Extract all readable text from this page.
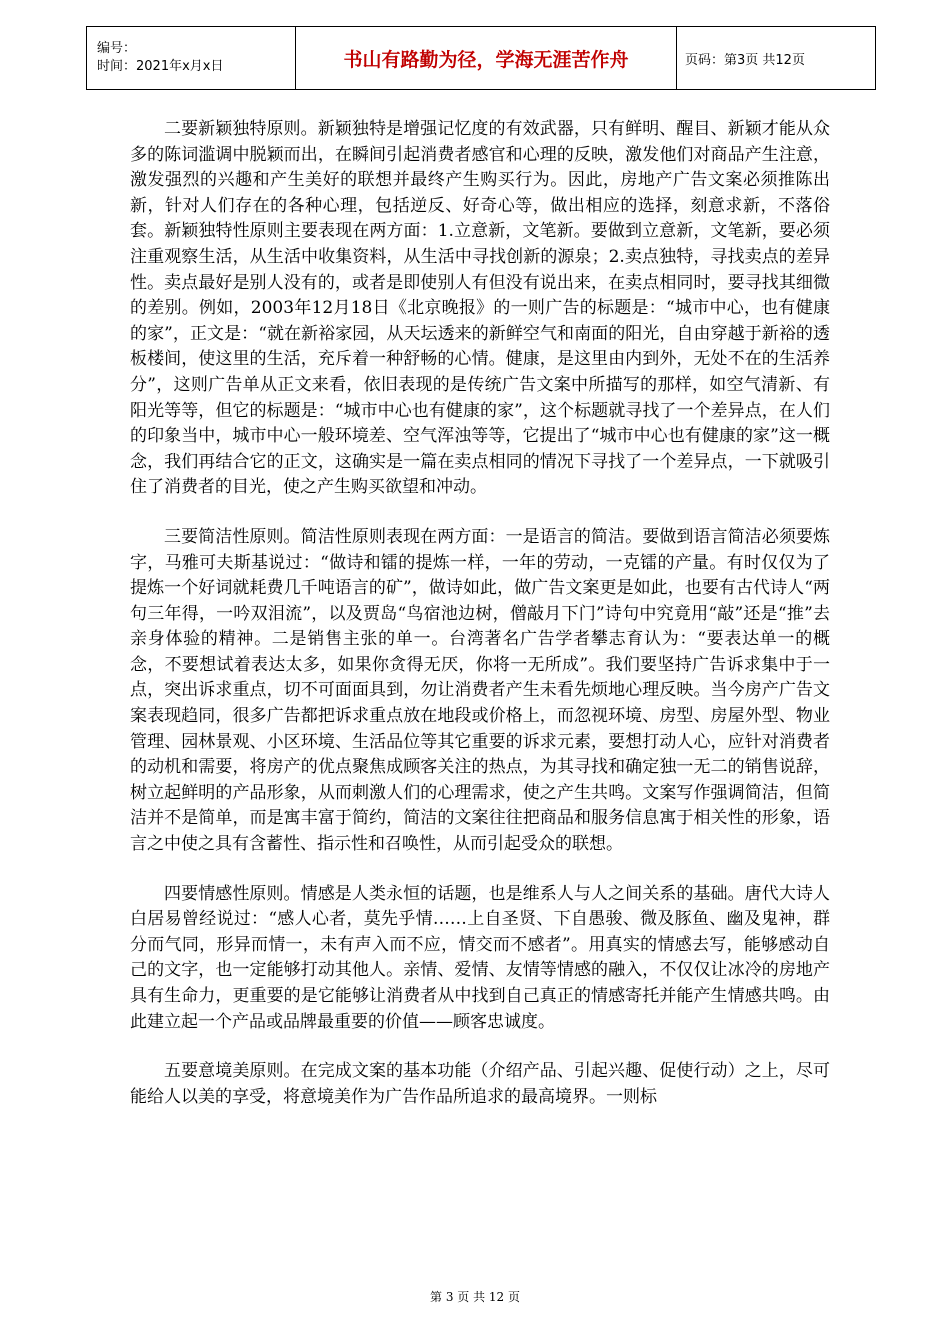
编号：
时间：2021年x月x日	书山有路勤为径，学海无涯苦作舟	页码：第3页 共12页

二要新颖独特原则。新颖独特是增强记忆度的有效武器，只有鲜明、醒目、新颖才能从众多的陈词滥调中脱颖而出，在瞬间引起消费者感官和心理的反映，激发他们对商品产生注意，激发强烈的兴趣和产生美好的联想并最终产生购买行为。因此，房地产广告文案必须推陈出新，针对人们存在的各种心理，包括逆反、好奇心等，做出相应的选择，刻意求新，不落俗套。新颖独特性原则主要表现在两方面：1.立意新，文笔新。要做到立意新，文笔新，要必须注重观察生活，从生活中收集资料，从生活中寻找创新的源泉；2.卖点独特，寻找卖点的差异性。卖点最好是别人没有的，或者是即使别人有但没有说出来，在卖点相同时，要寻找其细微的差别。例如，2003年12月18日《北京晚报》的一则广告的标题是：“城市中心，也有健康的家”，正文是：“就在新裕家园，从天坛透来的新鲜空气和南面的阳光，自由穿越于新裕的透板楼间，使这里的生活，充斥着一种舒畅的心情。健康，是这里由内到外，无处不在的生活养分”，这则广告单从正文来看，依旧表现的是传统广告文案中所描写的那样，如空气清新、有阳光等等，但它的标题是：“城市中心也有健康的家”，这个标题就寻找了一个差异点，在人们的印象当中，城市中心一般环境差、空气浑浊等等，它提出了“城市中心也有健康的家”这一概念，我们再结合它的正文，这确实是一篇在卖点相同的情况下寻找了一个差异点，一下就吸引住了消费者的目光，使之产生购买欲望和冲动。

三要简洁性原则。简洁性原则表现在两方面：一是语言的简洁。要做到语言简洁必须要炼字，马雅可夫斯基说过：“做诗和镭的提炼一样，一年的劳动，一克镭的产量。有时仅仅为了提炼一个好词就耗费几千吨语言的矿”，做诗如此，做广告文案更是如此，也要有古代诗人“两句三年得，一吟双泪流”，以及贾岛“鸟宿池边树，僧敲月下门”诗句中究竟用“敲”还是“推”去亲身体验的精神。二是销售主张的单一。台湾著名广告学者攀志育认为：“要表达单一的概念，不要想试着表达太多，如果你贪得无厌，你将一无所成”。我们要坚持广告诉求集中于一点，突出诉求重点，切不可面面具到，勿让消费者产生未看先烦地心理反映。当今房产广告文案表现趋同，很多广告都把诉求重点放在地段或价格上，而忽视环境、房型、房屋外型、物业管理、园林景观、小区环境、生活品位等其它重要的诉求元素，要想打动人心，应针对消费者的动机和需要，将房产的优点聚焦成顾客关注的热点，为其寻找和确定独一无二的销售说辞，树立起鲜明的产品形象，从而刺激人们的心理需求，使之产生共鸣。文案写作强调简洁，但简洁并不是简单，而是寓丰富于简约，简洁的文案往往把商品和服务信息寓于相关性的形象，语言之中使之具有含蓄性、指示性和召唤性，从而引起受众的联想。

四要情感性原则。情感是人类永恒的话题，也是维系人与人之间关系的基础。唐代大诗人白居易曾经说过：“感人心者，莫先乎情……上自圣贤、下自愚骏、微及豚鱼、幽及鬼神，群分而气同，形异而情一，未有声入而不应，情交而不感者”。用真实的情感去写，能够感动自己的文字，也一定能够打动其他人。亲情、爱情、友情等情感的融入，不仅仅让冰冷的房地产具有生命力，更重要的是它能够让消费者从中找到自己真正的情感寄托并能产生情感共鸣。由此建立起一个产品或品牌最重要的价值——顾客忠诚度。

五要意境美原则。在完成文案的基本功能（介绍产品、引起兴趣、促使行动）之上，尽可能给人以美的享受，将意境美作为广告作品所追求的最高境界。一则标

第 3 页 共 12 页
